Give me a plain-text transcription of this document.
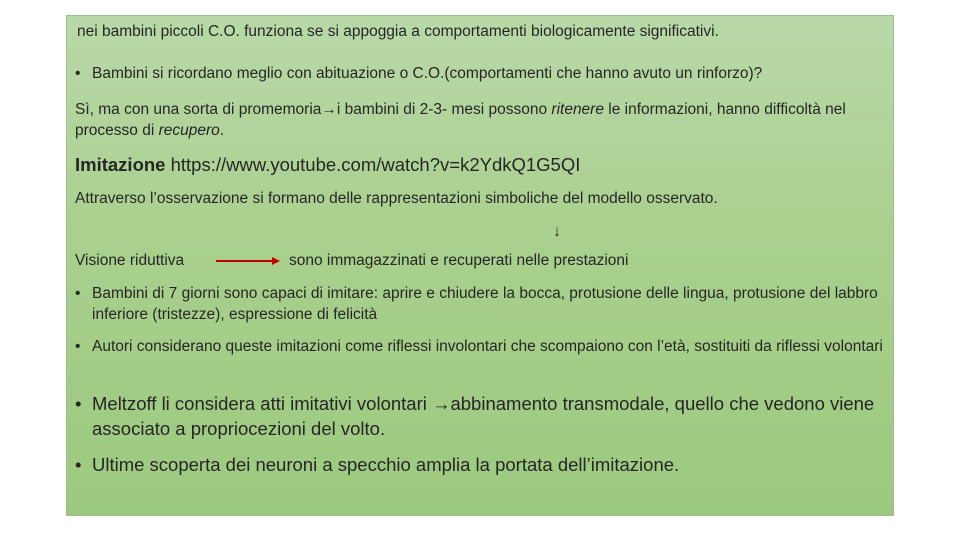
nei bambini piccoli C.O. funziona se si appoggia a comportamenti biologicamente significativi.
• Bambini si ricordano meglio con abituazione o C.O.(comportamenti che hanno avuto un rinforzo)?
Sì, ma con una sorta di promemoria→i bambini di 2-3- mesi possono ritenere le informazioni, hanno difficoltà nel processo di recupero.
Imitazione https://www.youtube.com/watch?v=k2YdkQ1G5QI
Attraverso l’osservazione si formano delle rappresentazioni simboliche del modello osservato.
↓
Visione riduttiva	sono immagazzinati e recuperati nelle prestazioni
• Bambini di 7 giorni sono capaci di imitare: aprire e chiudere la bocca, protusione delle lingua, protusione del labbro inferiore (tristezze), espressione di felicità
• Autori considerano queste imitazioni come riflessi involontari che scompaiono con l’età, sostituiti da riflessi volontari
• Meltzoff li considera atti imitativi volontari →abbinamento transmodale, quello che vedono viene associato a propriocezioni del volto.
• Ultime scoperta dei neuroni a specchio amplia la portata dell’imitazione.
